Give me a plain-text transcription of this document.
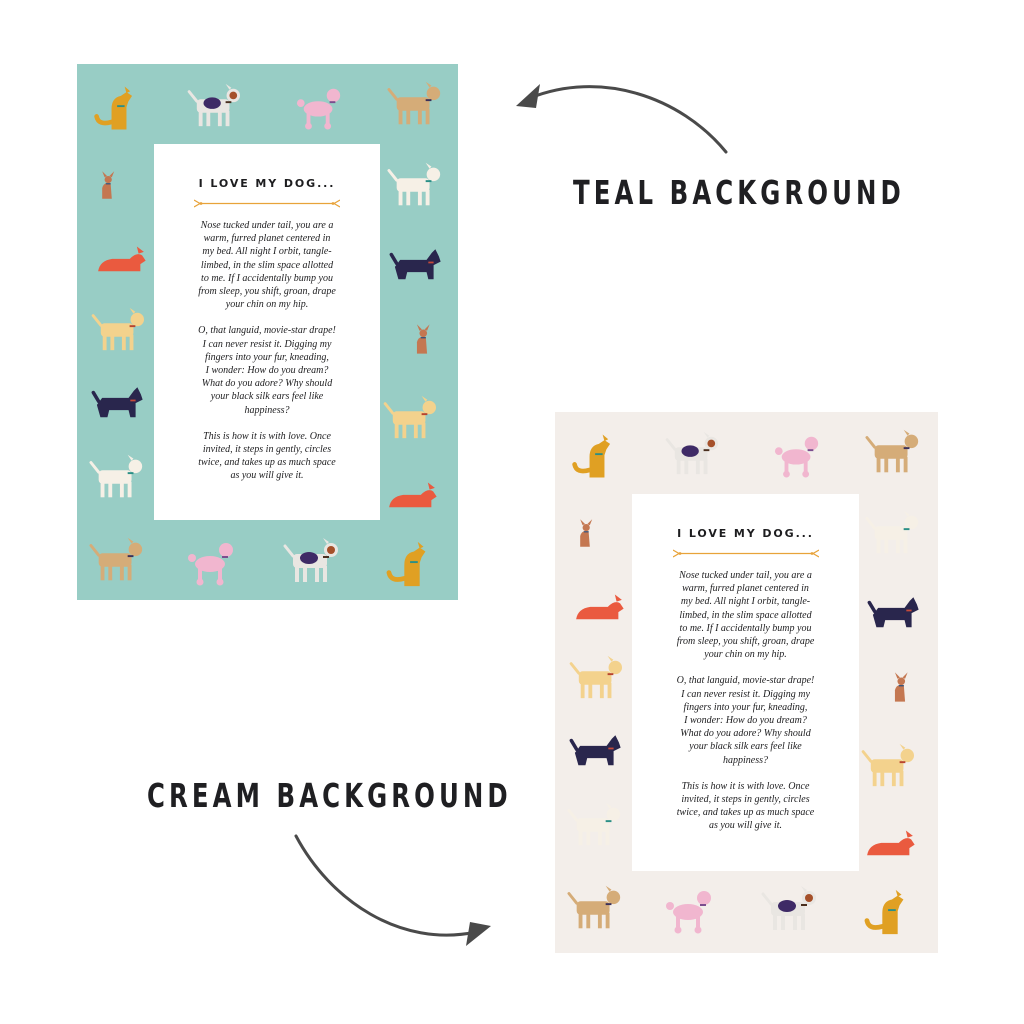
I LOVE MY DOG...
Nose tucked under tail, you are a
warm, furred planet centered in
my bed. All night I orbit, tangle-
limbed, in the slim space allotted
to me. If I accidentally bump you
from sleep, you shift, groan, drape
your chin on my hip.
O, that languid, movie-star drape!
I can never resist it. Digging my
fingers into your fur, kneading,
I wonder: How do you dream?
What do you adore? Why should
your black silk ears feel like
happiness?
This is how it is with love. Once
invited, it steps in gently, circles
twice, and takes up as much space
as you will give it.
I LOVE MY DOG...
Nose tucked under tail, you are a
warm, furred planet centered in
my bed. All night I orbit, tangle-
limbed, in the slim space allotted
to me. If I accidentally bump you
from sleep, you shift, groan, drape
your chin on my hip.
O, that languid, movie-star drape!
I can never resist it. Digging my
fingers into your fur, kneading,
I wonder: How do you dream?
What do you adore? Why should
your black silk ears feel like
happiness?
This is how it is with love. Once
invited, it steps in gently, circles
twice, and takes up as much space
as you will give it.
TEAL BACKGROUND
CREAM BACKGROUND
